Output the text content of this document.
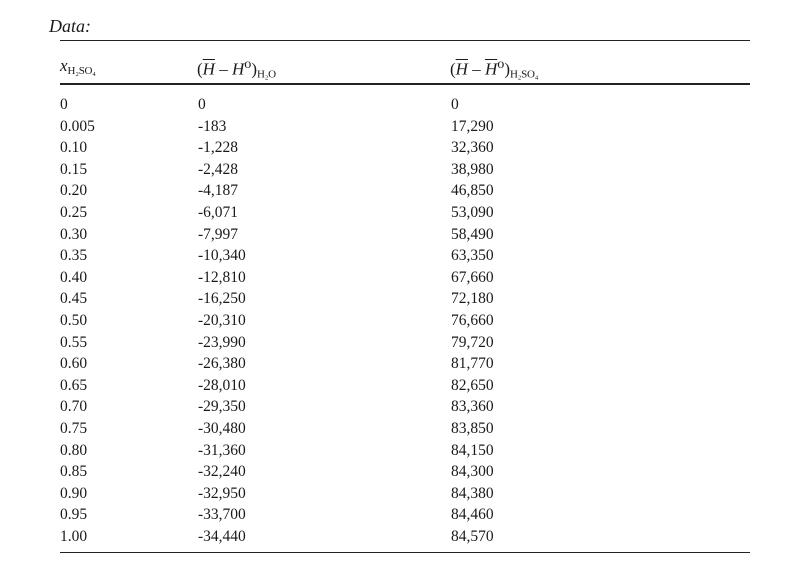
Data:
$x_{H_2SO_4}$	$(\overline{H} - H^o)_{H_2O}$	$(\overline{H} - \overline{H}^o)_{H_2SO_4}$
0	0	0
0.005	-183	17,290
0.10	-1,228	32,360
0.15	-2,428	38,980
0.20	-4,187	46,850
0.25	-6,071	53,090
0.30	-7,997	58,490
0.35	-10,340	63,350
0.40	-12,810	67,660
0.45	-16,250	72,180
0.50	-20,310	76,660
0.55	-23,990	79,720
0.60	-26,380	81,770
0.65	-28,010	82,650
0.70	-29,350	83,360
0.75	-30,480	83,850
0.80	-31,360	84,150
0.85	-32,240	84,300
0.90	-32,950	84,380
0.95	-33,700	84,460
1.00	-34,440	84,570
